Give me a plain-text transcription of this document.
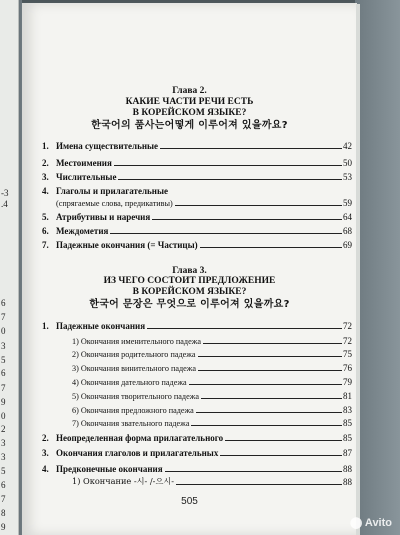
-3
.4
6
7
0
3
5
6
7
9
0
2
3
3
5
6
7
8
9
Глава 2.
КАКИЕ ЧАСТИ РЕЧИ ЕСТЬ
В КОРЕЙСКОМ ЯЗЫКЕ?
한국어의 품사는어떻게 이루어져 있을까요?
1. Имена существительные	42
2. Местоимения	50
3. Числительные	53
4. Глаголы и прилагательные
(спрягаемые слова, предикативы)	59
5. Атрибутивы и наречия	64
6. Междометия	68
7. Падежные окончания (= Частицы)	69
Глава 3.
ИЗ ЧЕГО СОСТОИТ ПРЕДЛОЖЕНИЕ
В КОРЕЙСКОМ ЯЗЫКЕ?
한국어 문장은 무엇으로 이루어져 있을까요?
1. Падежные окончания	72
1) Окончания именительного падежа	72
2) Окончания родительного падежа	75
3) Окончания винительного падежа	76
4) Окончания дательного падежа	79
5) Окончания творительного падежа	81
6) Окончания предложного падежа	83
7) Окончания звательного падежа	85
2. Неопределенная форма прилагательного	85
3. Окончания глаголов и прилагательных	87
4. Предконечные окончания	88
1) Окончание -시- /-으시-	88
505
⬤ Avito
